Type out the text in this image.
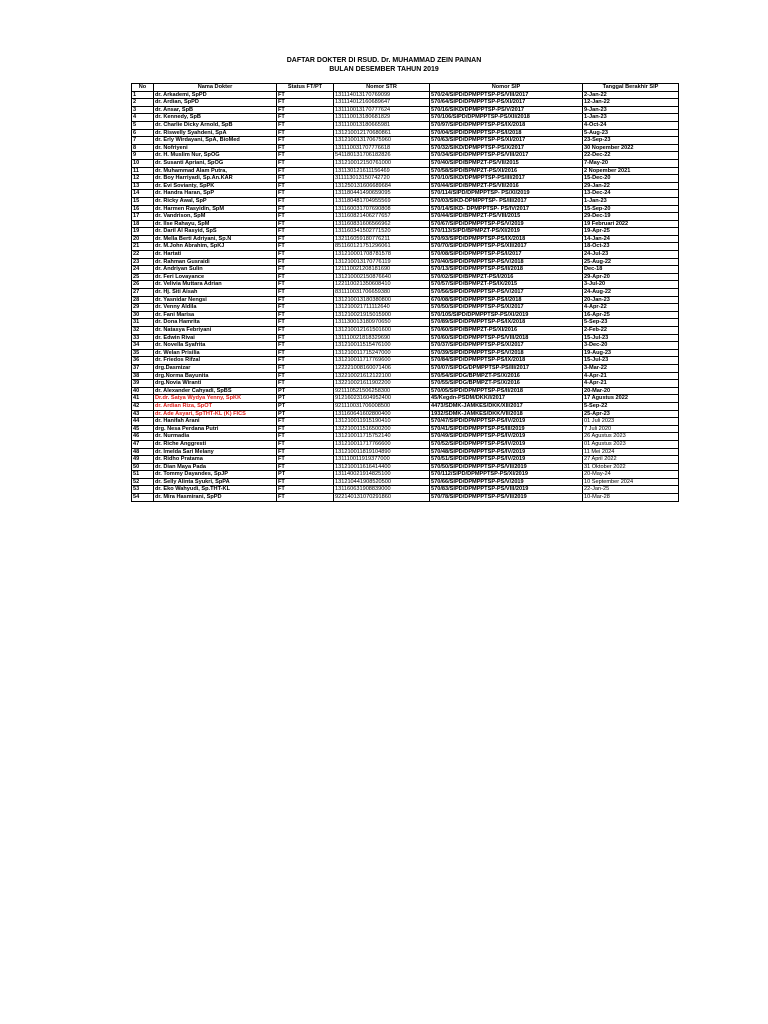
DAFTAR DOKTER DI RSUD. Dr. MUHAMMAD ZEIN PAINAN
BULAN DESEMBER TAHUN 2019
No	Nama Dokter	Status FT/PT	Nomor STR	Nomor SIP	Tanggal Berakhir SIP
1	dr. Arkademi, SpPD	FT	131114013170769099	570/24/SIPD/DPMPPTSP-PS/VIII/2017	2-Jan-22
2	dr. Ardian, SpPD	FT	131114012160689647	570/64/SIPD/DPMPPTSP-PS/XI/2017	12-Jan-22
3	dr. Ansar, SpB	FT	131110013170777624	570/16/SIKD/DPMPPTSP-PS/V/2017	9-Jan-23
4	dr. Kennedy, SpB	FT	131110013180681829	570/106/SIPD/DPMPPTSP-PS/XII/2018	1-Jan-23
5	dr. Charlie Dicky Arnold, SpB	FT	131110013180665981	570/97/SIPD/DPMPPTSP-PS/IX/2018	4-Oct-24
6	dr. Riswelly Syahdeni, SpA	FT	131210012170680861	570/04/SIPD/DPMPPTSP-PS/I/2018	5-Aug-23
7	dr. Erly Wirdayani, SpA, BioMed	FT	131210013170675960	570/63/SIPD/DPMPPTSP-PS/XI/2017	23-Sep-23
8	dr. Nofriyeni	FT	131110031707776618	570/32/SIKD/DPMPPTSP-PS/X/2017	30 Nopember 2022
9	dr. H. Muslim Nur, SpOG	FT	541180131706182826	570/34/SIPD/DPMPPTSP-PS/VIII/2017	22-Dec-22
10	dr. Susanti Apriani, SpOG	FT	131210012150761000	570/40/SIPD/BPMPZT-PS/VII/2015	7-May-20
11	dr. Muhammad Alam Putra,	FT	131130121611156469	570/58/SIPD/BPMPZT-PS/XI/2016	2 Nopember 2021
12	dr. Boy Harriyadi, Sp.An.KAR	FT	311113013150742720	570/10/SIKD/DPMPPTSP-PS/III/2017	15-Dec-20
13	dr. Evi Sovianty, SpPK	FT	131250131606689684	570/44/SIPD/BPMPZT-PS/VII/2016	29-Jan-22
14	dr. Handra Haran, SpP	FT	131180441490659095	570/114/SIPD/DPMPPTSP- PS/XI/2019	13-Dec-24
15	dr. Ricky Awal, SpP	FT	131180481704955569	570/03/SIKD-DPMPPTSP- PS/III/2017	1-Jan-23
16	dr. Harmen Rasyidin, SpM	FT	131160031707690808	570/14/SIKD- DPMPPTSP- PS/IV/2017	15-Sep-20
17	dr. Vandrison, SpM	FT	131160821406277657	570/44/SIPD/BPMPZT-PS/VIII/2015	29-Dec-19
18	dr. Ilse Rahayu, SpM	FT	131160831606566962	570/67/SIPD/DPMPPTSP-PS/V/2019	19 Februari 2022
19	dr. Daril Al Rasyid, SpS	FT	131160341502771520	570/113/SIPD/BPMPZT-PS/XI/2019	19-Apr-25
20	dr. Mella Berti Adriyani, Sp.N	FT	132116059180776211	570/93/SIPD/DPMPPTSP-PS/IX/2018	14-Jan-24
21	dr. M.John Abrahim, SpKJ	FT	851160121751296061	570/70/SIPD/DPMPPTSP-PS/XII/2017	18-Oct-23
22	dr. Hartati	FT	131210001708781578	570/08/SIPD/DPMPPTSP-PS/I/2017	24-Jul-23
23	dr. Rahman Gusraidi	FT	131210013170776119	570/40/SIPD/DPMPPTSP-PS/V/2018	25-Aug-22
24	dr. Andriyan Sulin	FT	121110021208181690	570/13/SIPD/DPMPPTSP-PS/II/2018	Dec-18
25	dr. Feri Lovayance	FT	131210002150876640	570/02/SIPD/BPMPZT-PS/I/2016	29-Apr-20
26	dr. Velivia Muttara Adrian	FT	122110021350608410	570/57/SIPD/BPMPZT-PS/IX/2015	3-Jul-20
27	dr. Hj. Siti Aisah	FT	831110031706659380	570/56/SIPD/DPMPPTSP-PS/V/2017	24-Aug-22
28	dr. Yasnidar Nengsi	FT	131210013180380800	670/08/SIPD/DPMPPTSP-PS/I/2018	20-Jan-23
29	dr. Venny Aldila	FT	131210021711112640	570/50/SIPD/DPMPPTSP-PS/X/2017	4-Apr-22
30	dr. Fani Marisa	FT	131210021915015900	570/105/SIPD/DPMPPTSP-PS/XI/2019	16-Apr-25
31	dr. Dona Hamrita	FT	131130013180970650	570/89/SIPD/DPMPPTSP-PS/IX/2018	5-Sep-23
32	dr. Natasya Febriyani	FT	131210012161501600	570/60/SIPD/BPMPZT-PS/XI/2016	2-Feb-22
33	dr. Edwin Rivai	FT	131110021818329690	570/60/SIPD/DPMPPTSP-PS/VIII/2018	15-Jul-23
34	dr. Novella Syafrita	FT	131210011515476100	570/37/SIPD/DPMPPTSP-PS/X/2017	3-Dec-20
35	dr. Welan Prisilia	FT	131210011715247000	570/39/SIPD/DPMPPTSP-PS/V/2018	19-Aug-23
36	dr. Friedos Rifzal	FT	131210011717769600	570/84/SIPD/DPMPPTSP-PS/IX/2018	15-Jul-23
37	drg.Dasmizar	FT	122221008160071406	570/07/SIPDG/DPMPPTSP-PS/III/2017	3-Mar-22
38	drg.Norma Bayunita	FT	132210021612122100	570/54/SIPDG/BPMPZT-PS/X/2016	4-Apr-21
39	drg.Novia Wiranti	FT	132210021611902200	570/55/SIPDG/BPMPZT-PS/X/2016	4-Apr-21
40	dr. Alexander Cahyadi, SpBS	PT	921110521506258300	570/05/SIPD/DPMPPTSP-PS/II/2018	20-Mar-20
41	Dr.dr. Satya Wydya Yenny, SpKK	PT	912160231604952400	45/Kegdn-PSDM/DKK/I/2017	17 Agustus 2022
42	dr. Ardian Riza, SpOT	PT	921110031706008500	4473/SDMK-JAMKES/DKK/XII/2017	5-Sep-22
43	dr. Ade Asyari, SpTHT-KL (K) FICS	PT	131160641602800400	1932/SDMK-JAMKES/DKK/VII/2018	25-Apr-23
44	dr. Hanifah Arani	FT	131210011915190410	570/47/SIPD/DPMPPTSP-PS/IV/2019	01 Juli 2023
45	drg. Nesa Perdana Putri	FT	132210011516500200	570/41/SIPD/DPMPPTSP-PS/III/2019	7 Juli 2020
46	dr. Nurmadia	FT	131210011715752140	570/49/SIPD/DPMPPTSP-PS/IV/2019	26 Agustus 2023
47	dr. Riche Anggresti	FT	131210011717766600	570/52/SIPD/DPMPPTSP-PS/IV/2019	01 Agustus 2023
48	dr. Imelda Sari Melany	FT	131210011819104890	570/48/SIPD/DPMPPTSP-PS/IV/2019	11 Mei 2024
49	dr. Ridho Pratama	FT	131110011919377000	570/51/SIPD/DPMPPTSP-PS/IV/2019	27 April 2022
50	dr. Dian Maya Pada	FT	131210011616414400	570/50/SIPD/DPMPPTSP-PS/VII/2019	31 Oktober 2022
51	dr. Tommy Dayandes, SpJP	PT	131140021914825100	570/112/SIPD/DPMPPTSP-PS/XI/2019	20-May-24
52	dr. Selly Alinta Syukri, SpPA	FT	131210441908520500	570/66/SIPD/DPMPPTSP-PS/V/2019	10 September 2024
53	dr. Eko Wahyudi, Sp.THT-KL	FT	131160631908839000	570/83/SIPD/DPMPPTSP-PS/VIII/2019	22-Jan-25
54	dr. Mira Hasmirani, SpPD	FT	922140131070291860	570/78/SIPD/DPMPPTSP-PS/VII/2019	10-Mar-28
